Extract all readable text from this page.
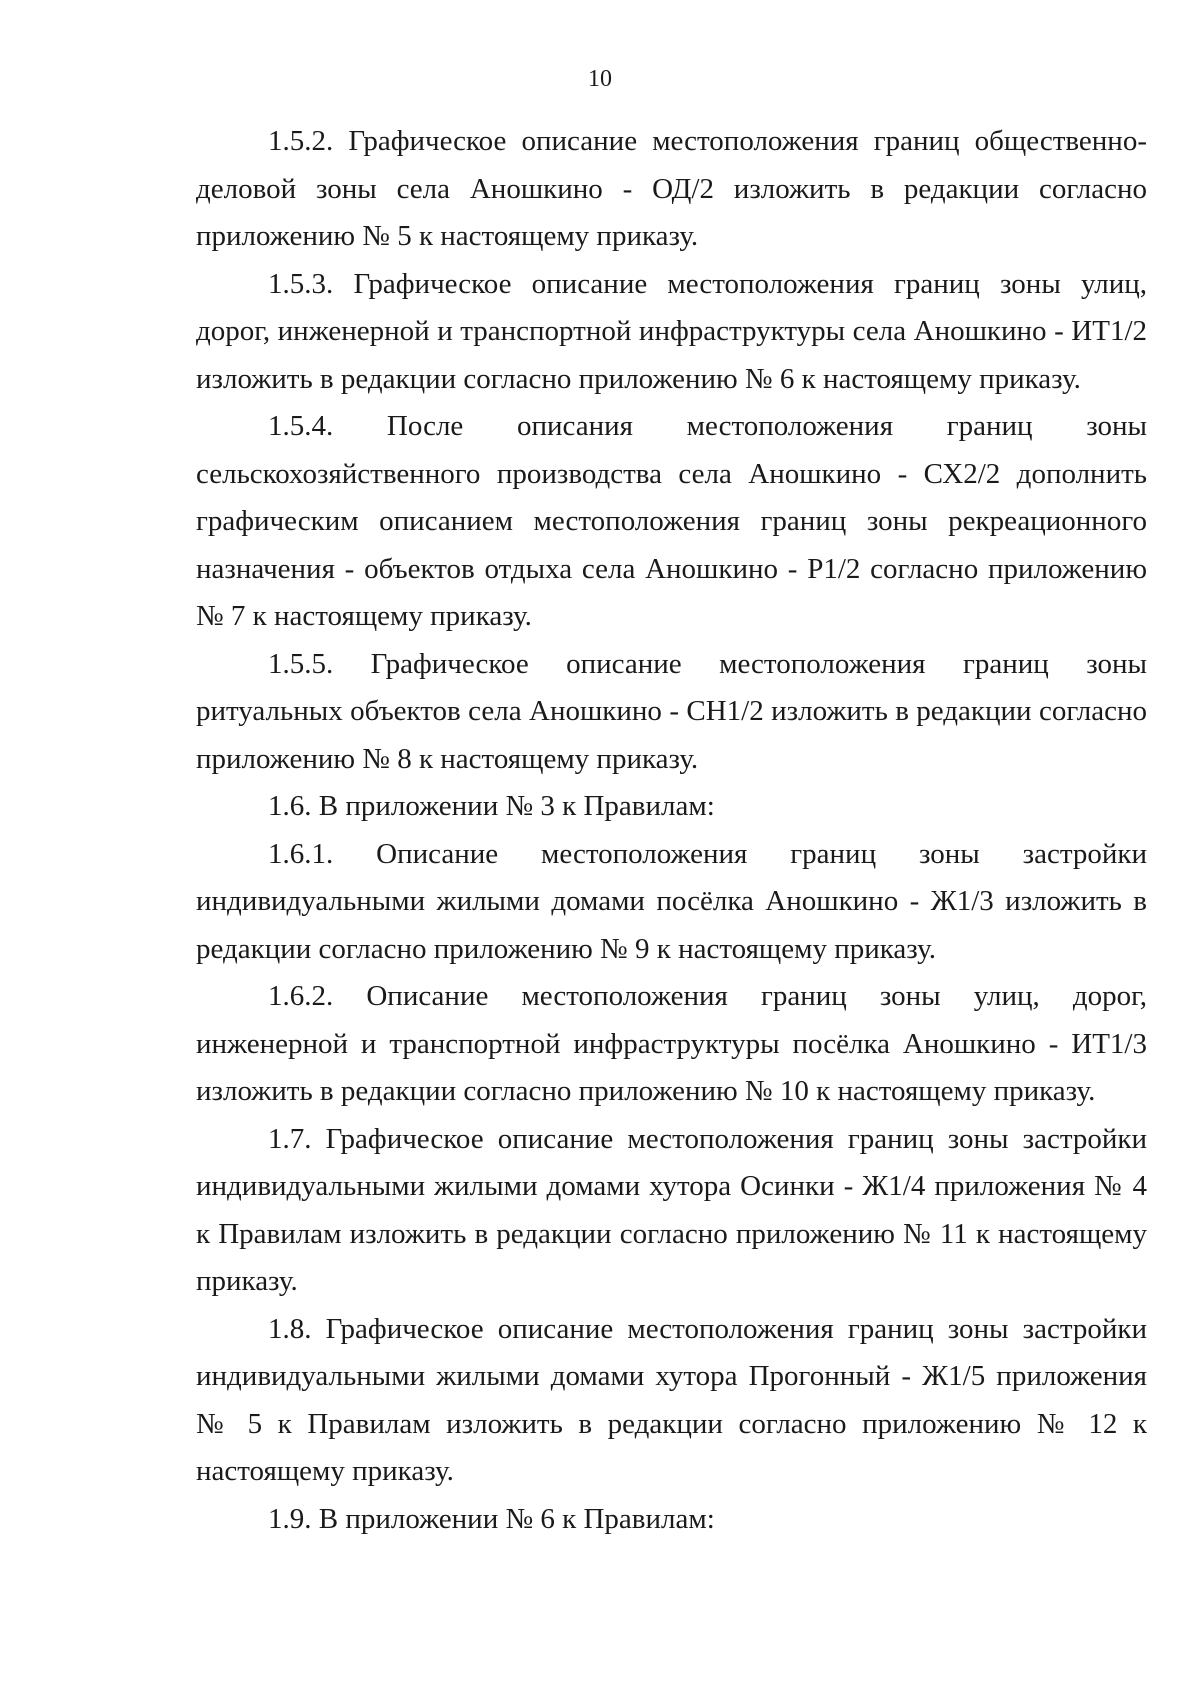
10

1.5.2. Графическое описание местоположения границ общественно-деловой зоны села Аношкино - ОД/2 изложить в редакции согласно приложению № 5 к настоящему приказу.

1.5.3. Графическое описание местоположения границ зоны улиц, дорог, инженерной и транспортной инфраструктуры села Аношкино - ИТ1/2 изложить в редакции согласно приложению № 6 к настоящему приказу.

1.5.4. После описания местоположения границ зоны сельскохозяйственного производства села Аношкино - СХ2/2 дополнить графическим описанием местоположения границ зоны рекреационного назначения - объектов отдыха села Аношкино - Р1/2 согласно приложению № 7 к настоящему приказу.

1.5.5. Графическое описание местоположения границ зоны ритуальных объектов села Аношкино - СН1/2 изложить в редакции согласно приложению № 8 к настоящему приказу.

1.6. В приложении № 3 к Правилам:

1.6.1. Описание местоположения границ зоны застройки индивидуальными жилыми домами посёлка Аношкино - Ж1/3 изложить в редакции согласно приложению № 9 к настоящему приказу.

1.6.2. Описание местоположения границ зоны улиц, дорог, инженерной и транспортной инфраструктуры посёлка Аношкино - ИТ1/3 изложить в редакции согласно приложению № 10 к настоящему приказу.

1.7. Графическое описание местоположения границ зоны застройки индивидуальными жилыми домами хутора Осинки - Ж1/4 приложения № 4 к Правилам изложить в редакции согласно приложению № 11 к настоящему приказу.

1.8. Графическое описание местоположения границ зоны застройки индивидуальными жилыми домами хутора Прогонный - Ж1/5 приложения № 5 к Правилам изложить в редакции согласно приложению № 12 к настоящему приказу.

1.9. В приложении № 6 к Правилам:
